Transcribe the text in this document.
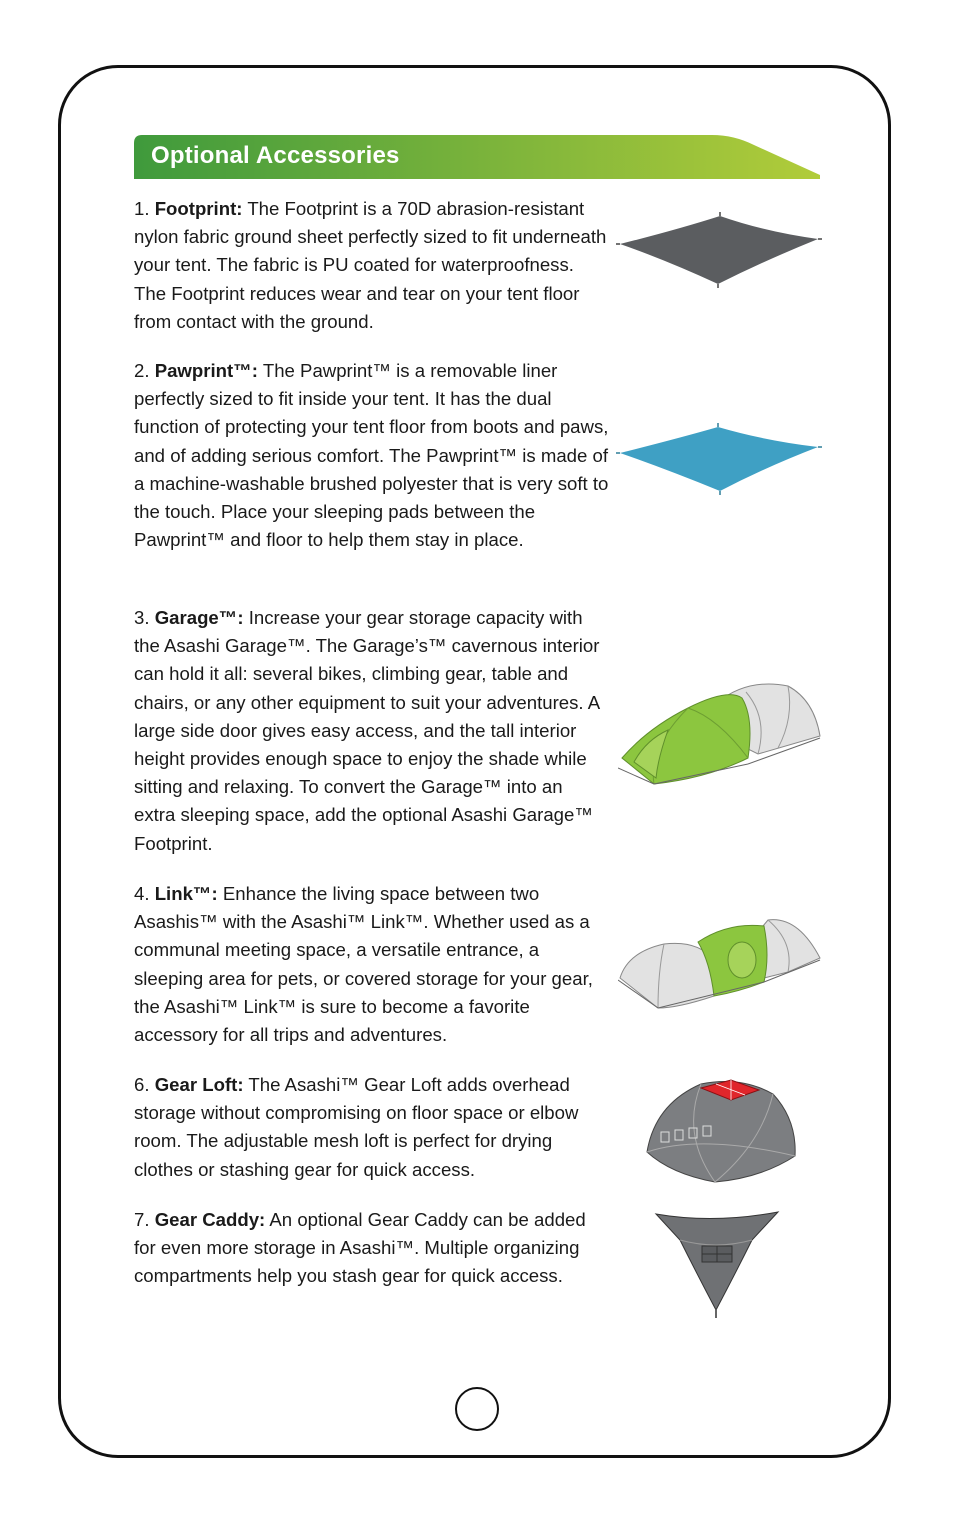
Optional Accessories
1. Footprint: The Footprint is a 70D abrasion-resistant nylon fabric ground sheet perfectly sized to fit underneath your tent. The fabric is PU coated for waterproofness. The Footprint reduces wear and tear on your tent floor from contact with the ground.
2. Pawprint™: The Pawprint™ is a removable liner perfectly sized to fit inside your tent. It has the dual function of protecting your tent floor from boots and paws, and of adding serious comfort. The Pawprint™ is made of a machine-washable brushed polyester that is very soft to the touch. Place your sleeping pads between the Pawprint™ and floor to help them stay in place.
3. Garage™: Increase your gear storage capacity with the Asashi Garage™. The Garage’s™ cavernous interior can hold it all: several bikes, climbing gear, table and chairs, or any other equipment to suit your adventures. A large side door gives easy access, and the tall interior height provides enough space to enjoy the shade while sitting and relaxing. To convert the Garage™ into an extra sleeping space, add the optional Asashi Garage™ Footprint.
4. Link™: Enhance the living space between two Asashis™ with the Asashi™ Link™. Whether used as a communal meeting space, a versatile entrance, a sleeping area for pets, or covered storage for your gear, the Asashi™ Link™ is sure to become a favorite accessory for all trips and adventures.
6. Gear Loft: The Asashi™ Gear Loft adds overhead storage without compromising on floor space or elbow room. The adjustable mesh loft is perfect for drying clothes or stashing gear for quick access.
7. Gear Caddy: An optional Gear Caddy can be added for even more storage in Asashi™. Multiple organizing compartments help you stash gear for quick access.
